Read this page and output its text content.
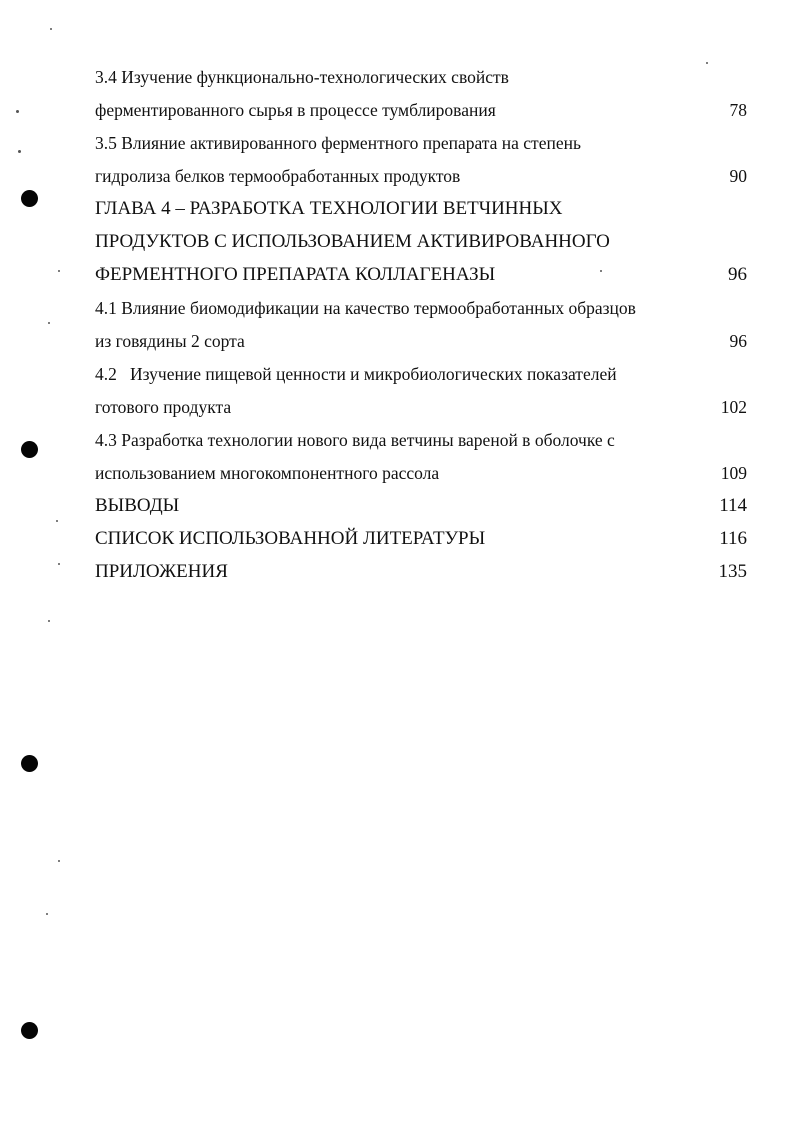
3.4 Изучение функционально-технологических свойств
ферментированного сырья в процессе тумблирования	78
3.5 Влияние активированного ферментного препарата на степень
гидролиза белков термообработанных продуктов	90
ГЛАВА 4 – РАЗРАБОТКА ТЕХНОЛОГИИ ВЕТЧИННЫХ
ПРОДУКТОВ С ИСПОЛЬЗОВАНИЕМ АКТИВИРОВАННОГО
ФЕРМЕНТНОГО ПРЕПАРАТА КОЛЛАГЕНАЗЫ	96
4.1 Влияние биомодификации на качество термообработанных образцов
из говядины 2 сорта	96
4.2   Изучение пищевой ценности и микробиологических показателей
готового продукта	102
4.3 Разработка технологии нового вида ветчины вареной в оболочке с
использованием многокомпонентного рассола	109
ВЫВОДЫ	114
СПИСОК ИСПОЛЬЗОВАННОЙ ЛИТЕРАТУРЫ	116
ПРИЛОЖЕНИЯ	135
